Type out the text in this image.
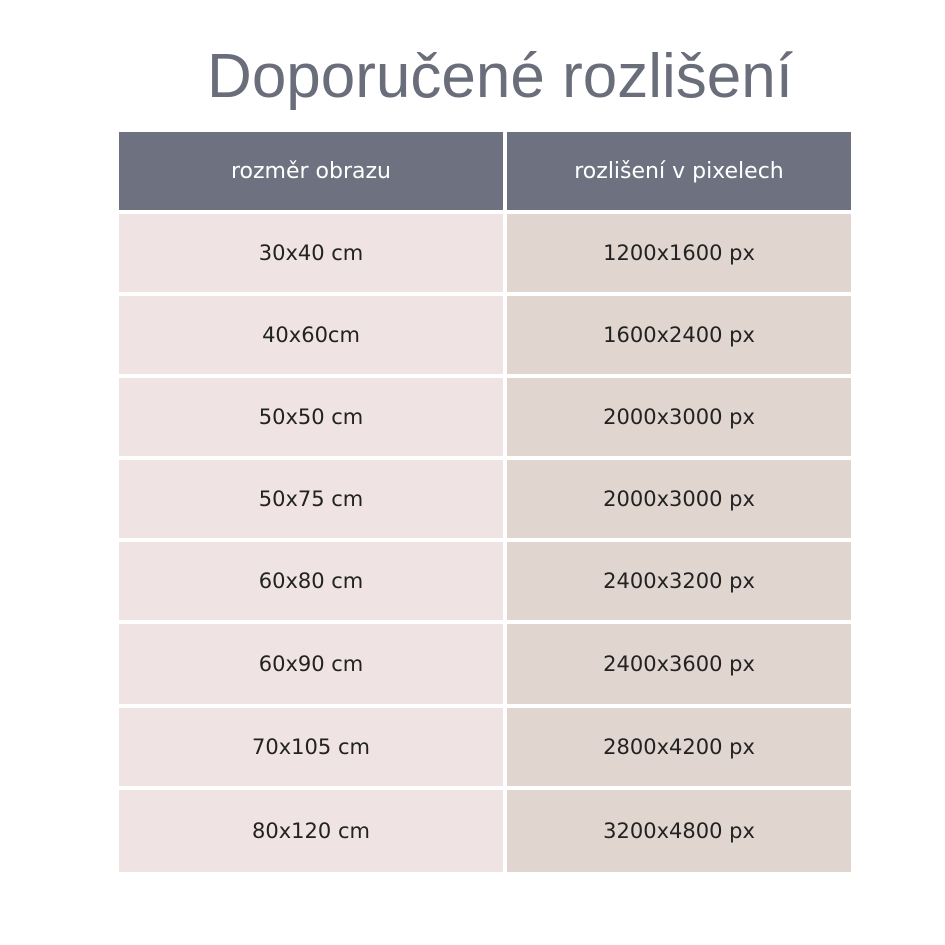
Doporučené rozlišení
rozměr obrazu	rozlišení v pixelech
30x40 cm	1200x1600 px
40x60cm	1600x2400 px
50x50 cm	2000x3000 px
50x75 cm	2000x3000 px
60x80 cm	2400x3200 px
60x90 cm	2400x3600 px
70x105 cm	2800x4200 px
80x120 cm	3200x4800 px
